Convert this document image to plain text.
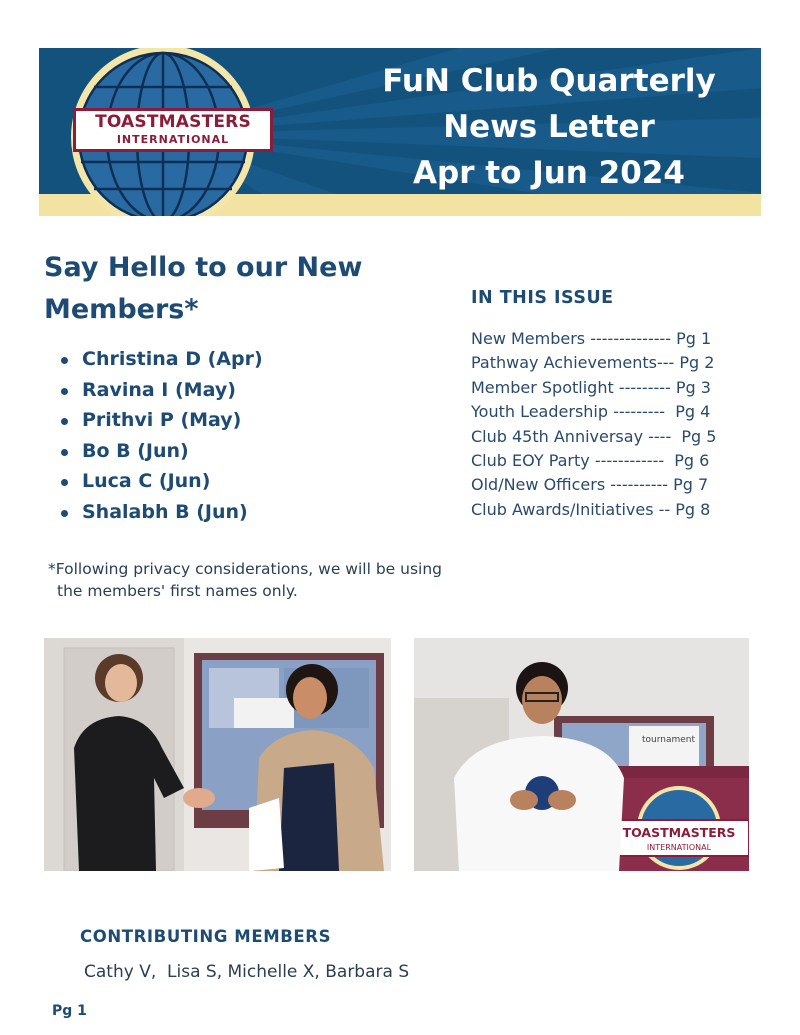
TOASTMASTERS
INTERNATIONAL
FuN Club Quarterly
News Letter
Apr to Jun 2024
Say Hello to our New
Members*
Christina D (Apr)
Ravina I (May)
Prithvi P (May)
Bo B (Jun)
Luca C (Jun)
Shalabh B (Jun)
*Following privacy considerations, we will be using
the members' first names only.
IN THIS ISSUE
New Members -------------- Pg 1
Pathway Achievements--- Pg 2
Member Spotlight --------- Pg 3
Youth Leadership ---------  Pg 4
Club 45th Anniversay ----  Pg 5
Club EOY Party ------------  Pg 6
Old/New Officers ---------- Pg 7
Club Awards/Initiatives -- Pg 8
tournament
TOASTMASTERS
INTERNATIONAL
CONTRIBUTING MEMBERS
Cathy V,  Lisa S, Michelle X, Barbara S
Pg 1
